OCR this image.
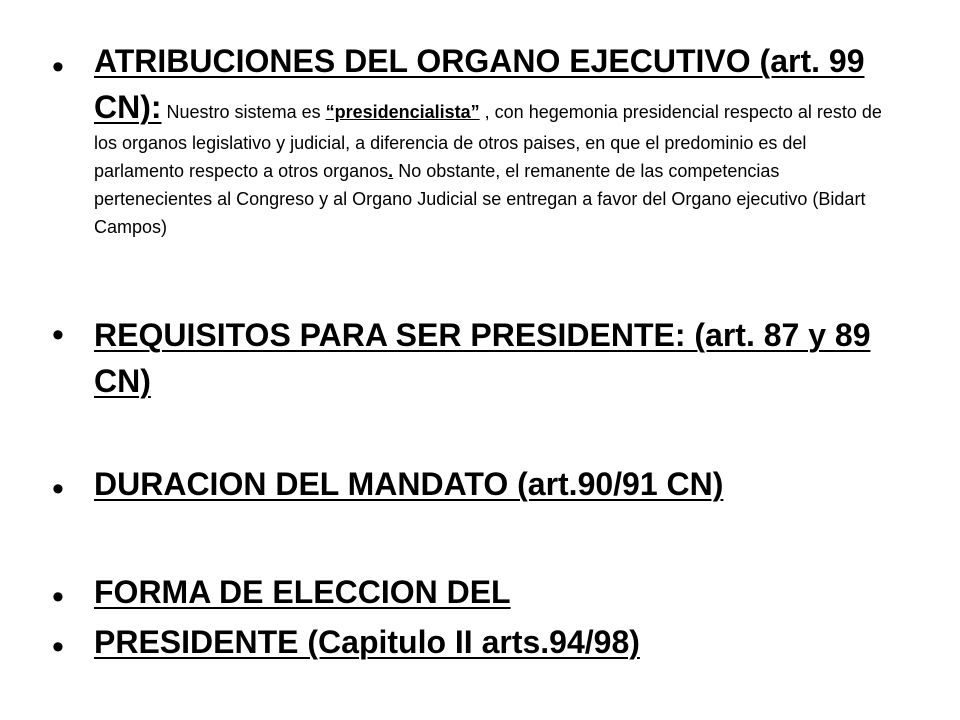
• ATRIBUCIONES DEL ORGANO EJECUTIVO (art. 99 CN): Nuestro sistema es “presidencialista” , con hegemonia presidencial respecto al resto de los organos legislativo y judicial, a diferencia de otros paises, en que el predominio es del parlamento respecto a otros organos. No obstante, el remanente de las competencias pertenecientes al Congreso y al Organo Judicial se entregan a favor del Organo ejecutivo (Bidart Campos)
• REQUISITOS PARA SER PRESIDENTE: (art. 87 y 89 CN)
• DURACION DEL MANDATO (art.90/91 CN)
• FORMA DE ELECCION DEL
• PRESIDENTE (Capitulo II arts.94/98)
